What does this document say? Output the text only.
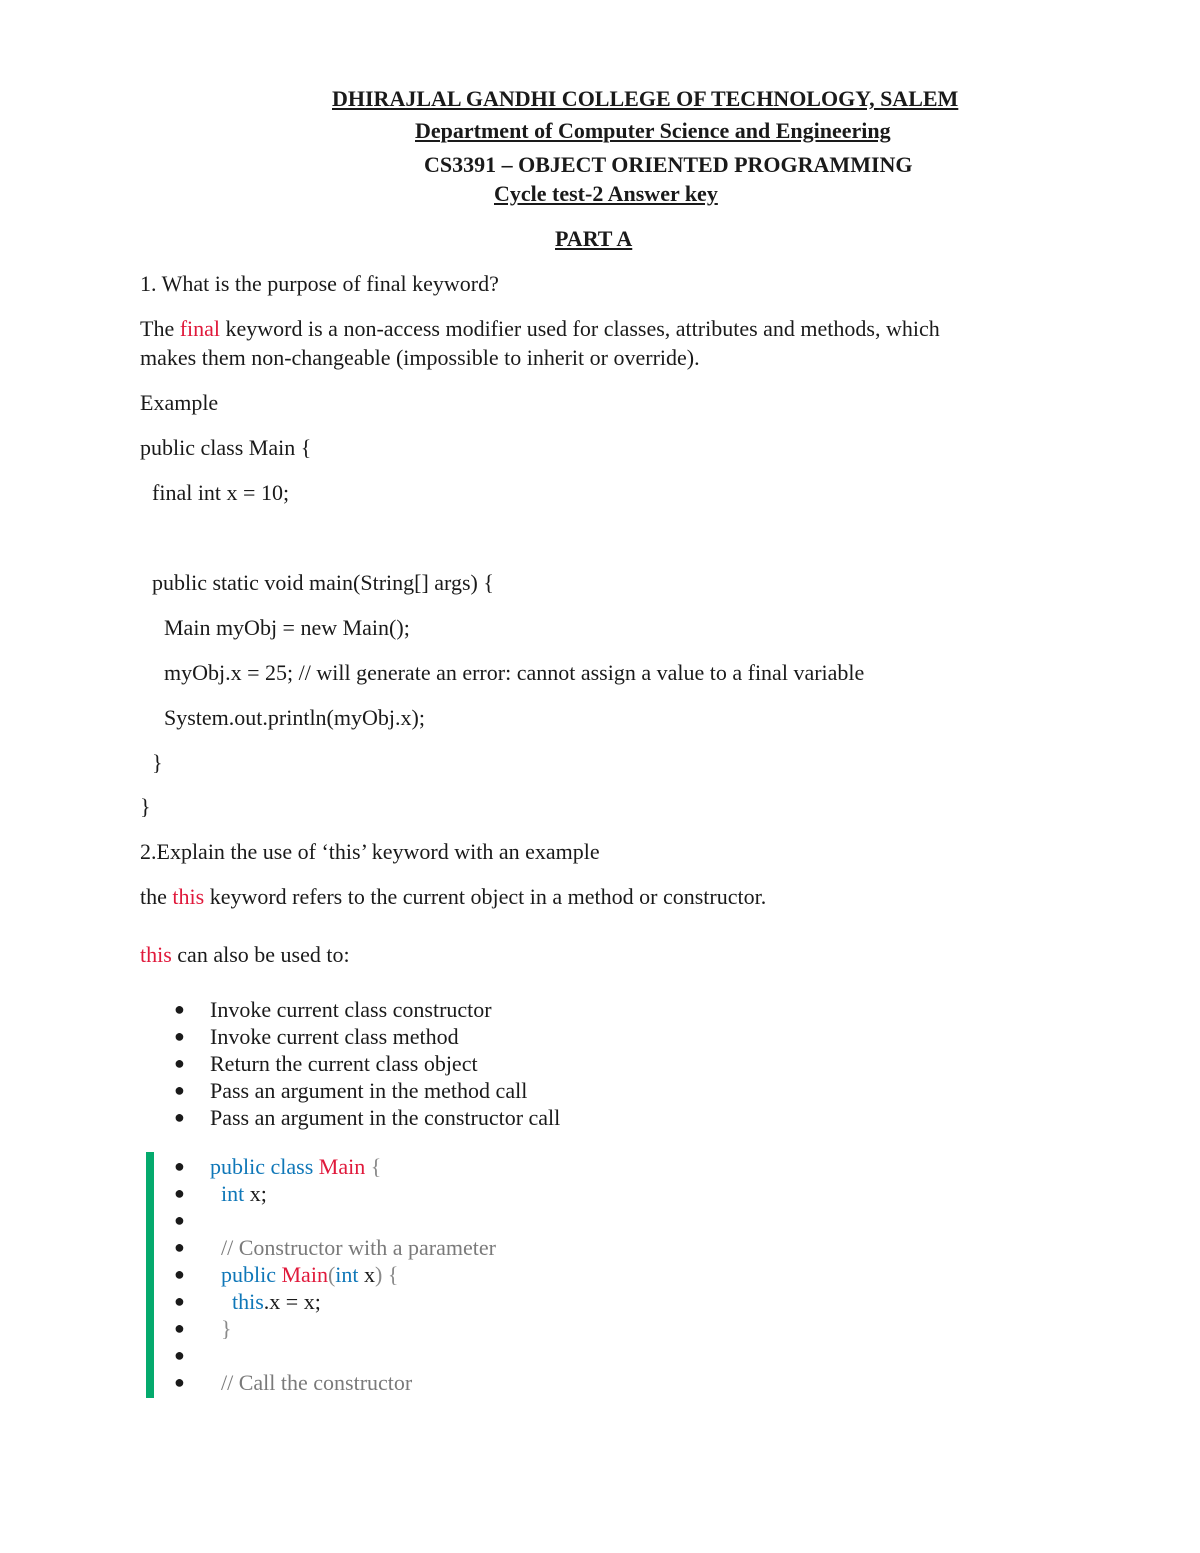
DHIRAJLAL GANDHI COLLEGE OF TECHNOLOGY, SALEM
Department of Computer Science and Engineering
CS3391 – OBJECT ORIENTED PROGRAMMING
Cycle test-2 Answer key
PART A
1. What is the purpose of final keyword?
The final keyword is a non-access modifier used for classes, attributes and methods, which
makes them non-changeable (impossible to inherit or override).
Example
public class Main {
final int x = 10;
public static void main(String[] args) {
Main myObj = new Main();
myObj.x = 25; // will generate an error: cannot assign a value to a final variable
System.out.println(myObj.x);
}
}
2.Explain the use of ‘this’ keyword with an example
the this keyword refers to the current object in a method or constructor.
this can also be used to:
● Invoke current class constructor
● Invoke current class method
● Return the current class object
● Pass an argument in the method call
● Pass an argument in the constructor call
● public class Main {
● int x;
●
● // Constructor with a parameter
● public Main(int x) {
● this.x = x;
● }
●
● // Call the constructor
